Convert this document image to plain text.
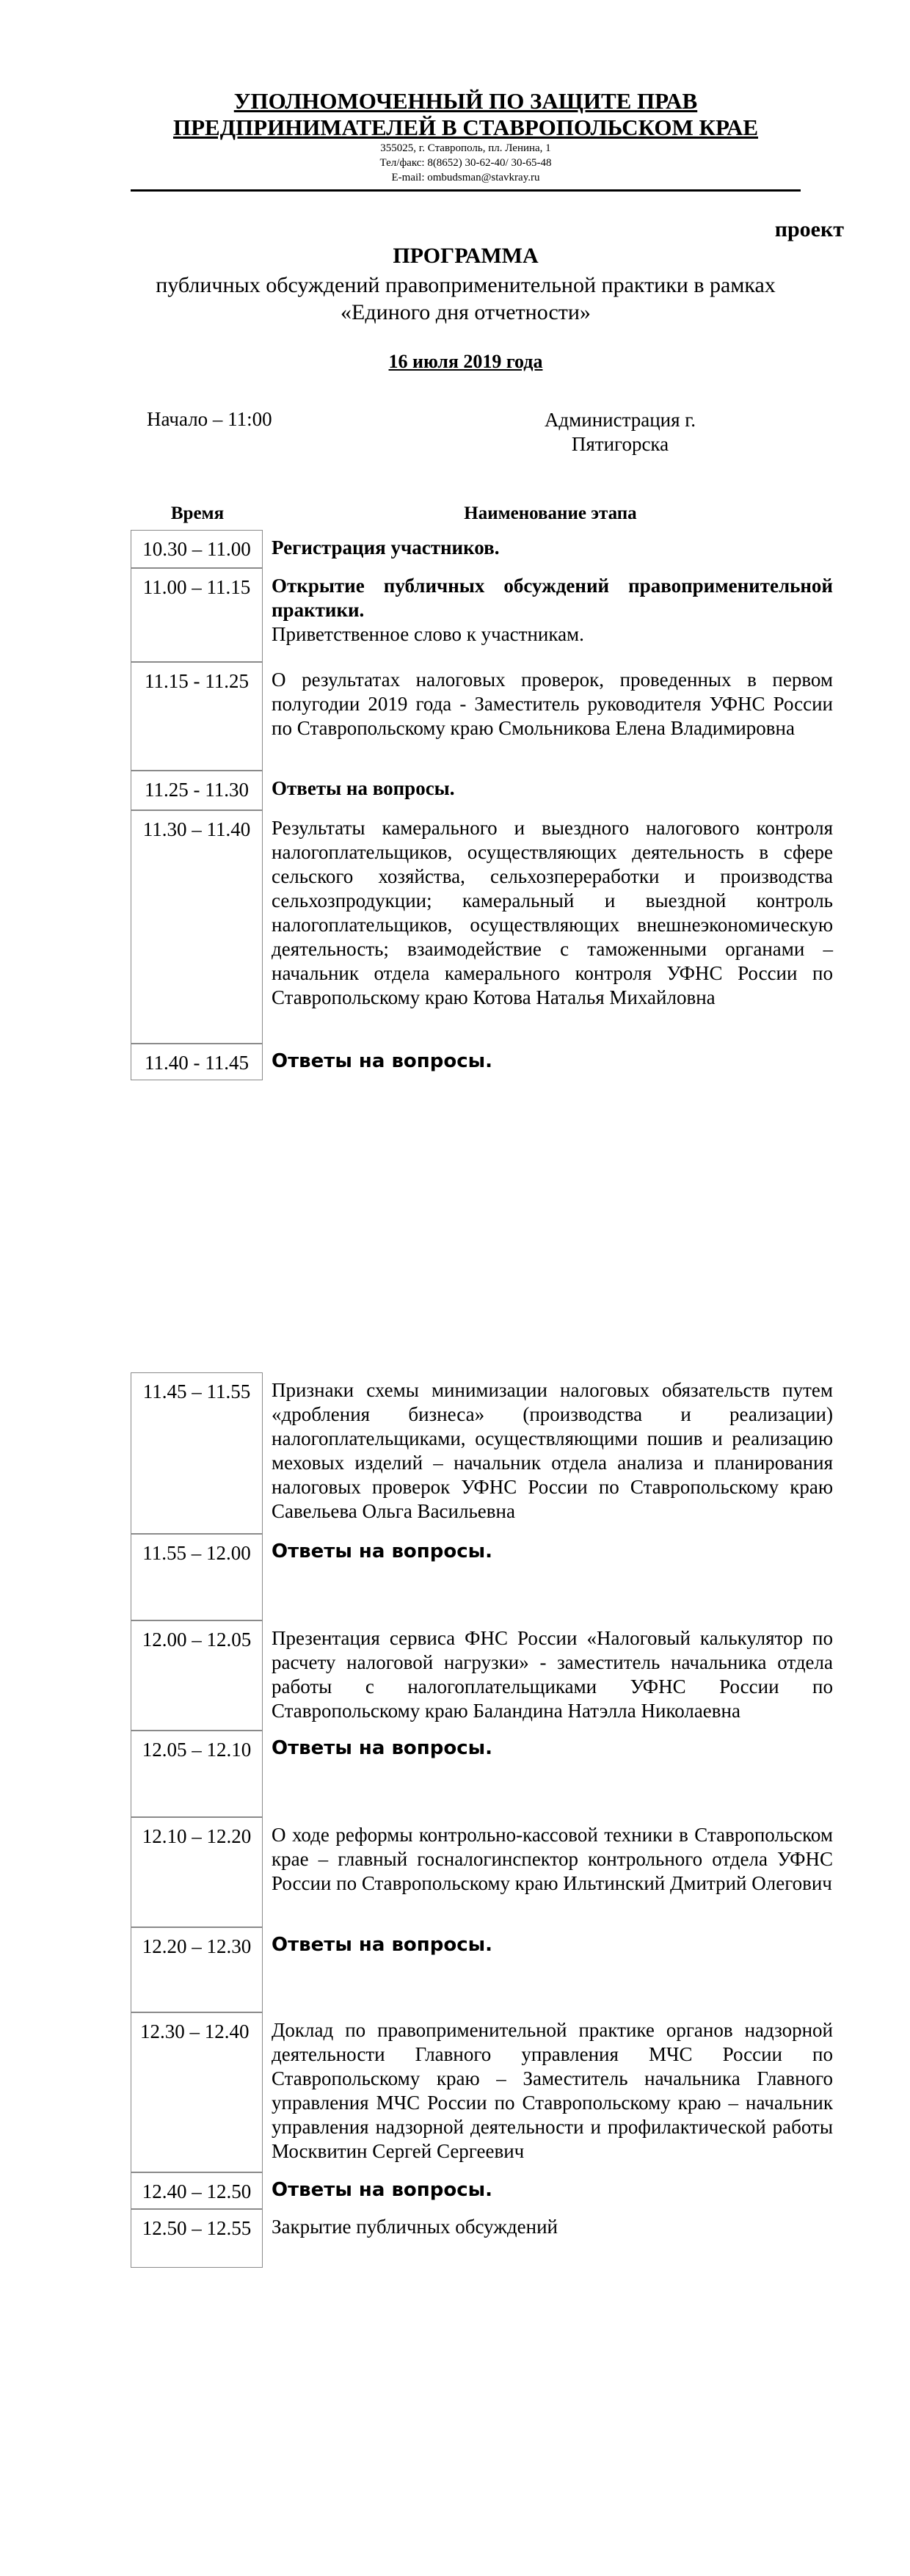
УПОЛНОМОЧЕННЫЙ ПО ЗАЩИТЕ ПРАВ
ПРЕДПРИНИМАТЕЛЕЙ В СТАВРОПОЛЬСКОМ КРАЕ
355025, г. Ставрополь, пл. Ленина, 1
Тел/факс: 8(8652) 30-62-40/ 30-65-48
E-mail: ombudsman@stavkray.ru
проект
ПРОГРАММА
публичных обсуждений правоприменительной практики в рамках
«Единого дня отчетности»
16 июля 2019 года
Начало – 11:00	Администрация г.
Пятигорска
Время	Наименование этапа
10.30 – 11.00	Регистрация участников.

11.00 – 11.15	Открытие публичных обсуждений правоприменительной практики.

Приветственное слово к участникам.

11.15 - 11.25	О результатах налоговых проверок, проведенных в первом полугодии 2019 года - Заместитель руководителя УФНС России по Ставропольскому краю Смольникова Елена Владимировна

11.25 - 11.30	Ответы на вопросы.

11.30 – 11.40	Результаты камерального и выездного налогового контроля налогоплательщиков, осуществляющих деятельность в сфере сельского хозяйства, сельхозпереработки и производства сельхозпродукции; камеральный и выездной контроль налогоплательщиков, осуществляющих внешнеэкономическую деятельность; взаимодействие с таможенными органами – начальник отдела камерального контроля УФНС России по Ставропольскому краю Котова Наталья Михайловна

11.40 - 11.45	Ответы на вопросы.

11.45 – 11.55	Признаки схемы минимизации налоговых обязательств путем «дробления бизнеса» (производства и реализации) налогоплательщиками, осуществляющими пошив и реализацию меховых изделий – начальник отдела анализа и планирования налоговых проверок УФНС России по Ставропольскому краю Савельева Ольга Васильевна

11.55 – 12.00	Ответы на вопросы.

12.00 – 12.05	Презентация сервиса ФНС России «Налоговый калькулятор по расчету налоговой нагрузки» - заместитель начальника отдела работы с налогоплательщиками УФНС России по Ставропольскому краю Баландина Натэлла Николаевна

12.05 – 12.10	Ответы на вопросы.

12.10 – 12.20	О ходе реформы контрольно-кассовой техники в Ставропольском крае – главный госналогинспектор контрольного отдела УФНС России по Ставропольскому краю Ильтинский Дмитрий Олегович

12.20 – 12.30	Ответы на вопросы.

12.30 – 12.40	Доклад по правоприменительной практике органов надзорной деятельности Главного управления МЧС России по Ставропольскому краю – Заместитель начальника Главного управления МЧС России по Ставропольскому краю – начальник управления надзорной деятельности и профилактической работы Москвитин Сергей Сергеевич

12.40 – 12.50	Ответы на вопросы.

12.50 – 12.55	Закрытие публичных обсуждений
